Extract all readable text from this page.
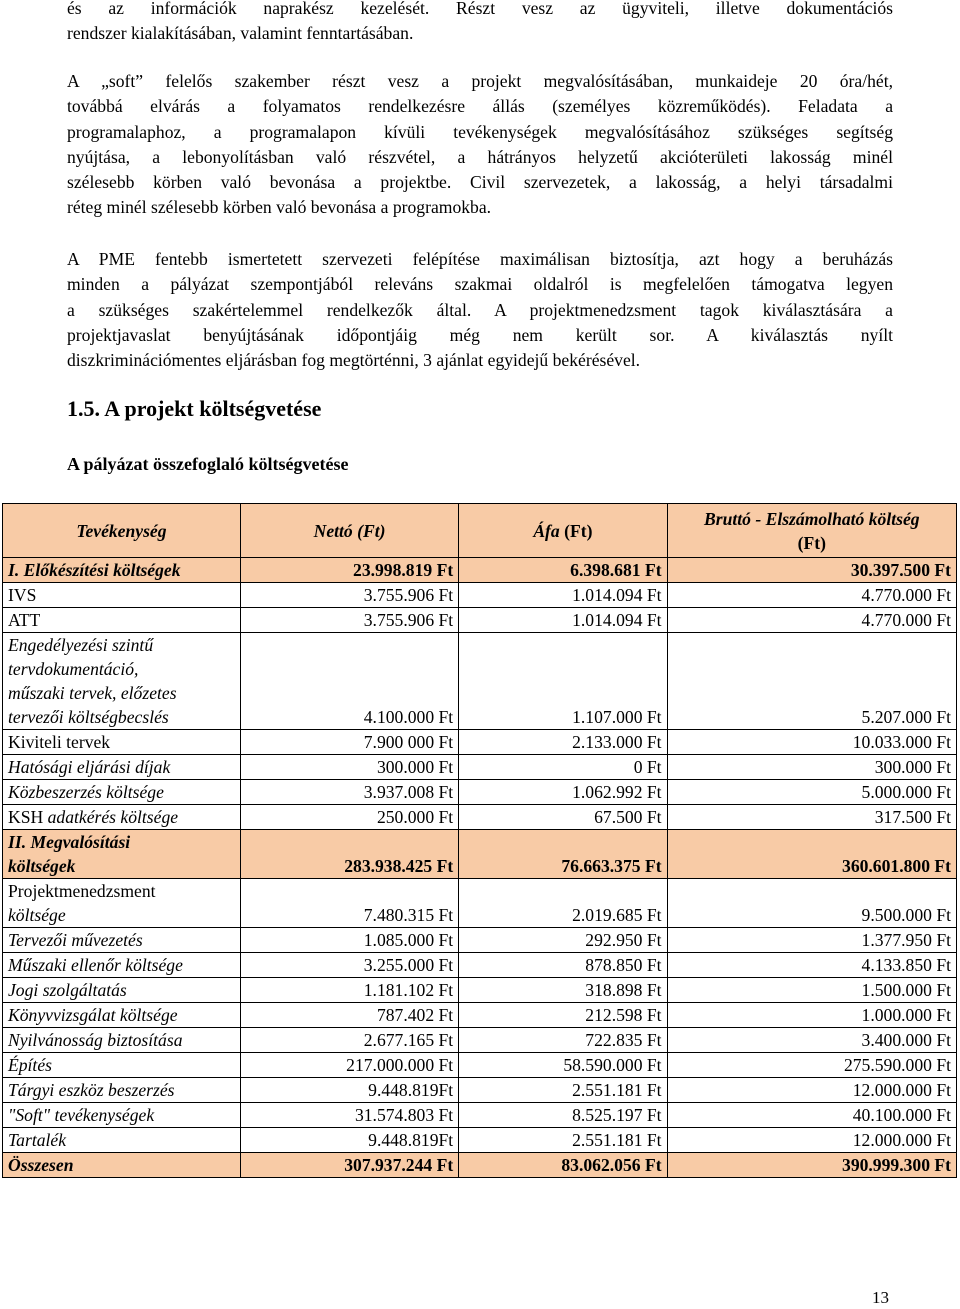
és az információk naprakész kezelését. Részt vesz az ügyviteli, illetve dokumentációs
rendszer kialakításában, valamint fenntartásában.
A „soft” felelős szakember részt vesz a projekt megvalósításában, munkaideje 20 óra/hét,
továbbá elvárás a folyamatos rendelkezésre állás (személyes közreműködés). Feladata a
programalaphoz, a programalapon kívüli tevékenységek megvalósításához szükséges segítség
nyújtása, a lebonyolításban való részvétel, a hátrányos helyzetű akcióterületi lakosság minél
szélesebb körben való bevonása a projektbe. Civil szervezetek, a lakosság, a helyi társadalmi
réteg minél szélesebb körben való bevonása a programokba.
A PME fentebb ismertetett szervezeti felépítése maximálisan biztosítja, azt hogy a beruházás
minden a pályázat szempontjából releváns szakmai oldalról is megfelelően támogatva legyen
a szükséges szakértelemmel rendelkezők által. A projektmenedzsment tagok kiválasztására a
projektjavaslat benyújtásának időpontjáig még nem került sor. A kiválasztás nyílt
diszkriminációmentes eljárásban fog megtörténni, 3 ajánlat egyidejű bekérésével.
1.5. A projekt költségvetése
A pályázat összefoglaló költségvetése
Tevékenység	Nettó (Ft)	Áfa (Ft)	Bruttó - Elszámolható költség
(Ft)
I. Előkészítési költségek	23.998.819 Ft	6.398.681 Ft	30.397.500 Ft
IVS	3.755.906 Ft	1.014.094 Ft	4.770.000 Ft
ATT	3.755.906 Ft	1.014.094 Ft	4.770.000 Ft
Engedélyezési szintű tervdokumentáció, műszaki tervek, előzetes tervezői költségbecslés	4.100.000 Ft	1.107.000 Ft	5.207.000 Ft
Kiviteli tervek	7.900 000 Ft	2.133.000 Ft	10.033.000 Ft
Hatósági eljárási díjak	300.000 Ft	0 Ft	300.000 Ft
Közbeszerzés költsége	3.937.008 Ft	1.062.992 Ft	5.000.000 Ft
KSH adatkérés költsége	250.000 Ft	67.500 Ft	317.500 Ft
II. Megvalósítási költségek	283.938.425 Ft	76.663.375 Ft	360.601.800 Ft
Projektmenedzsment
költsége	7.480.315 Ft	2.019.685 Ft	9.500.000 Ft
Tervezői művezetés	1.085.000 Ft	292.950 Ft	1.377.950 Ft
Műszaki ellenőr költsége	3.255.000 Ft	878.850 Ft	4.133.850 Ft
Jogi szolgáltatás	1.181.102 Ft	318.898 Ft	1.500.000 Ft
Könyvvizsgálat költsége	787.402 Ft	212.598 Ft	1.000.000 Ft
Nyilvánosság biztosítása	2.677.165 Ft	722.835 Ft	3.400.000 Ft
Építés	217.000.000 Ft	58.590.000 Ft	275.590.000 Ft
Tárgyi eszköz beszerzés	9.448.819Ft	2.551.181 Ft	12.000.000 Ft
"Soft" tevékenységek	31.574.803 Ft	8.525.197 Ft	40.100.000 Ft
Tartalék	9.448.819Ft	2.551.181 Ft	12.000.000 Ft
Összesen	307.937.244 Ft	83.062.056 Ft	390.999.300 Ft
13
